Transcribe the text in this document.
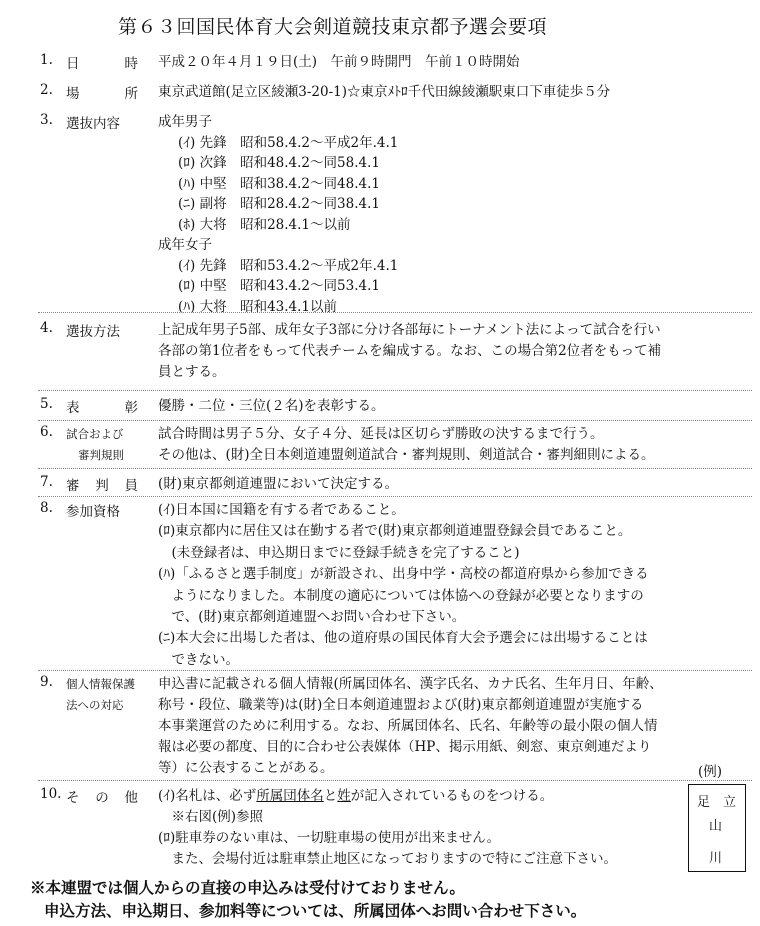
第６３回国民体育大会剣道競技東京都予選会要項
1. 日	時 平成２０年４月１９日(土)　午前９時開門　午前１０時開始
2. 場	所 東京武道館(足立区綾瀬3-20-1)☆東京ﾒﾄﾛ千代田線綾瀬駅東口下車徒歩５分
3. 選抜内容	成年男子
(ｲ) 先鋒　昭和58.4.2〜平成2年.4.1
(ﾛ) 次鋒　昭和48.4.2〜同58.4.1
(ﾊ) 中堅　昭和38.4.2〜同48.4.1
(ﾆ) 副将　昭和28.4.2〜同38.4.1
(ﾎ) 大将　昭和28.4.1〜以前
成年女子
(ｲ) 先鋒　昭和53.4.2〜平成2年.4.1
(ﾛ) 中堅　昭和43.4.2〜同53.4.1
(ﾊ) 大将　昭和43.4.1以前
4. 選抜方法	上記成年男子5部、成年女子3部に分け各部毎にトーナメント法によって試合を行い
各部の第1位者をもって代表チームを編成する。なお、この場合第2位者をもって補
員とする。
5. 表	彰 優勝・二位・三位(２名)を表彰する。
6. 試合および
審判規則
試合時間は男子５分、女子４分、延長は区切らず勝敗の決するまで行う。
その他は、(財)全日本剣道連盟剣道試合・審判規則、剣道試合・審判細則による。
7. 審 判 員 (財)東京都剣道連盟において決定する。
8. 参加資格	(ｲ)日本国に国籍を有する者であること。
(ﾛ)東京都内に居住又は在勤する者で(財)東京都剣道連盟登録会員であること。
　(未登録者は、申込期日までに登録手続きを完了すること)
(ﾊ)「ふるさと選手制度」が新設され、出身中学・高校の都道府県から参加できる
　ようになりました。本制度の適応については体協への登録が必要となりますの
　で、(財)東京都剣道連盟へお問い合わせ下さい。
(ﾆ)本大会に出場した者は、他の道府県の国民体育大会予選会には出場することは
　できない。
9. 個人情報保護
法への対応
申込書に記載される個人情報(所属団体名、漢字氏名、カナ氏名、生年月日、年齢、
称号・段位、職業等)は(財)全日本剣道連盟および(財)東京都剣道連盟が実施する
本事業運営のために利用する。なお、所属団体名、氏名、年齢等の最小限の個人情
報は必要の都度、目的に合わせ公表媒体（HP、掲示用紙、剣窓、東京剣連だより
等）に公表することがある。	(例)
10. そ の 他 (ｲ)名札は、必ず所属団体名と姓が記入されているものをつける。
　※右図(例)参照
(ﾛ)駐車券のない車は、一切駐車場の使用が出来ません。
　また、会場付近は駐車禁止地区になっておりますので特にご注意下さい。
足 立
山
川
※本連盟では個人からの直接の申込みは受付けておりません。
申込方法、申込期日、参加料等については、所属団体へお問い合わせ下さい。
